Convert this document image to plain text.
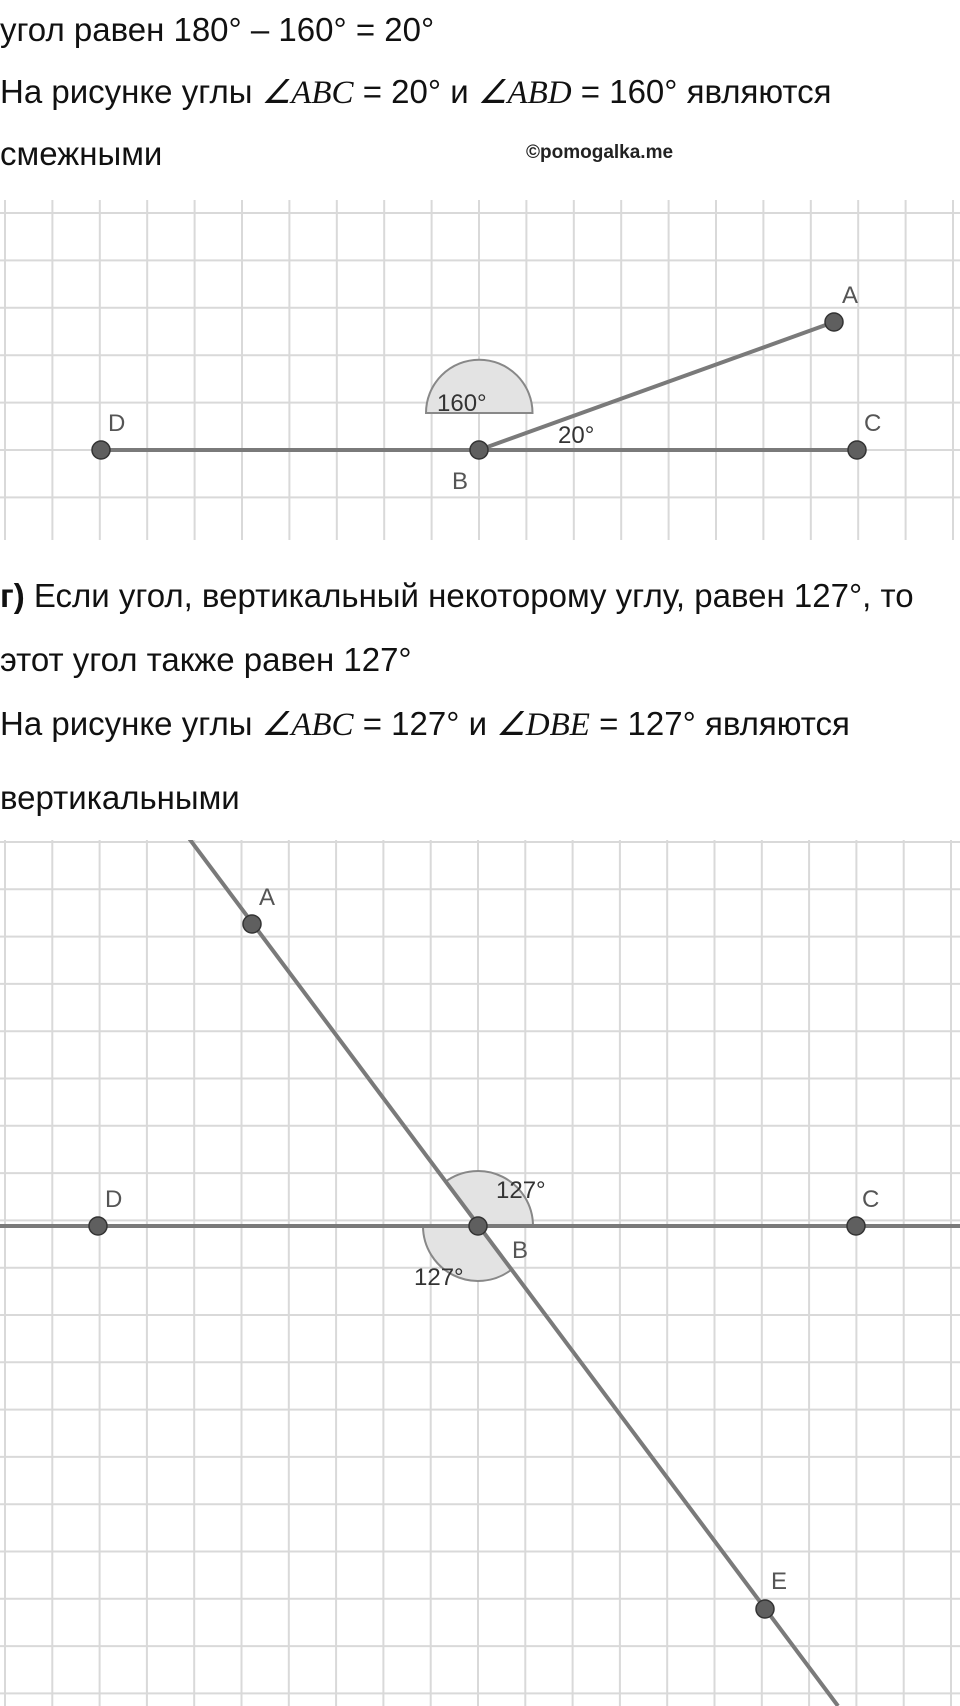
угол равен 180° – 160° = 20°
На рисунке углы ∠ABC = 20° и ∠ABD = 160° являются
смежными	©pomogalka.me
A
B
C
D
160°
20°
г) Если угол, вертикальный некоторому углу, равен 127°, то
этот угол также равен 127°
На рисунке углы ∠ABC = 127° и ∠DBE = 127° являются
вертикальными
A
B
C
D
E
127°
127°
